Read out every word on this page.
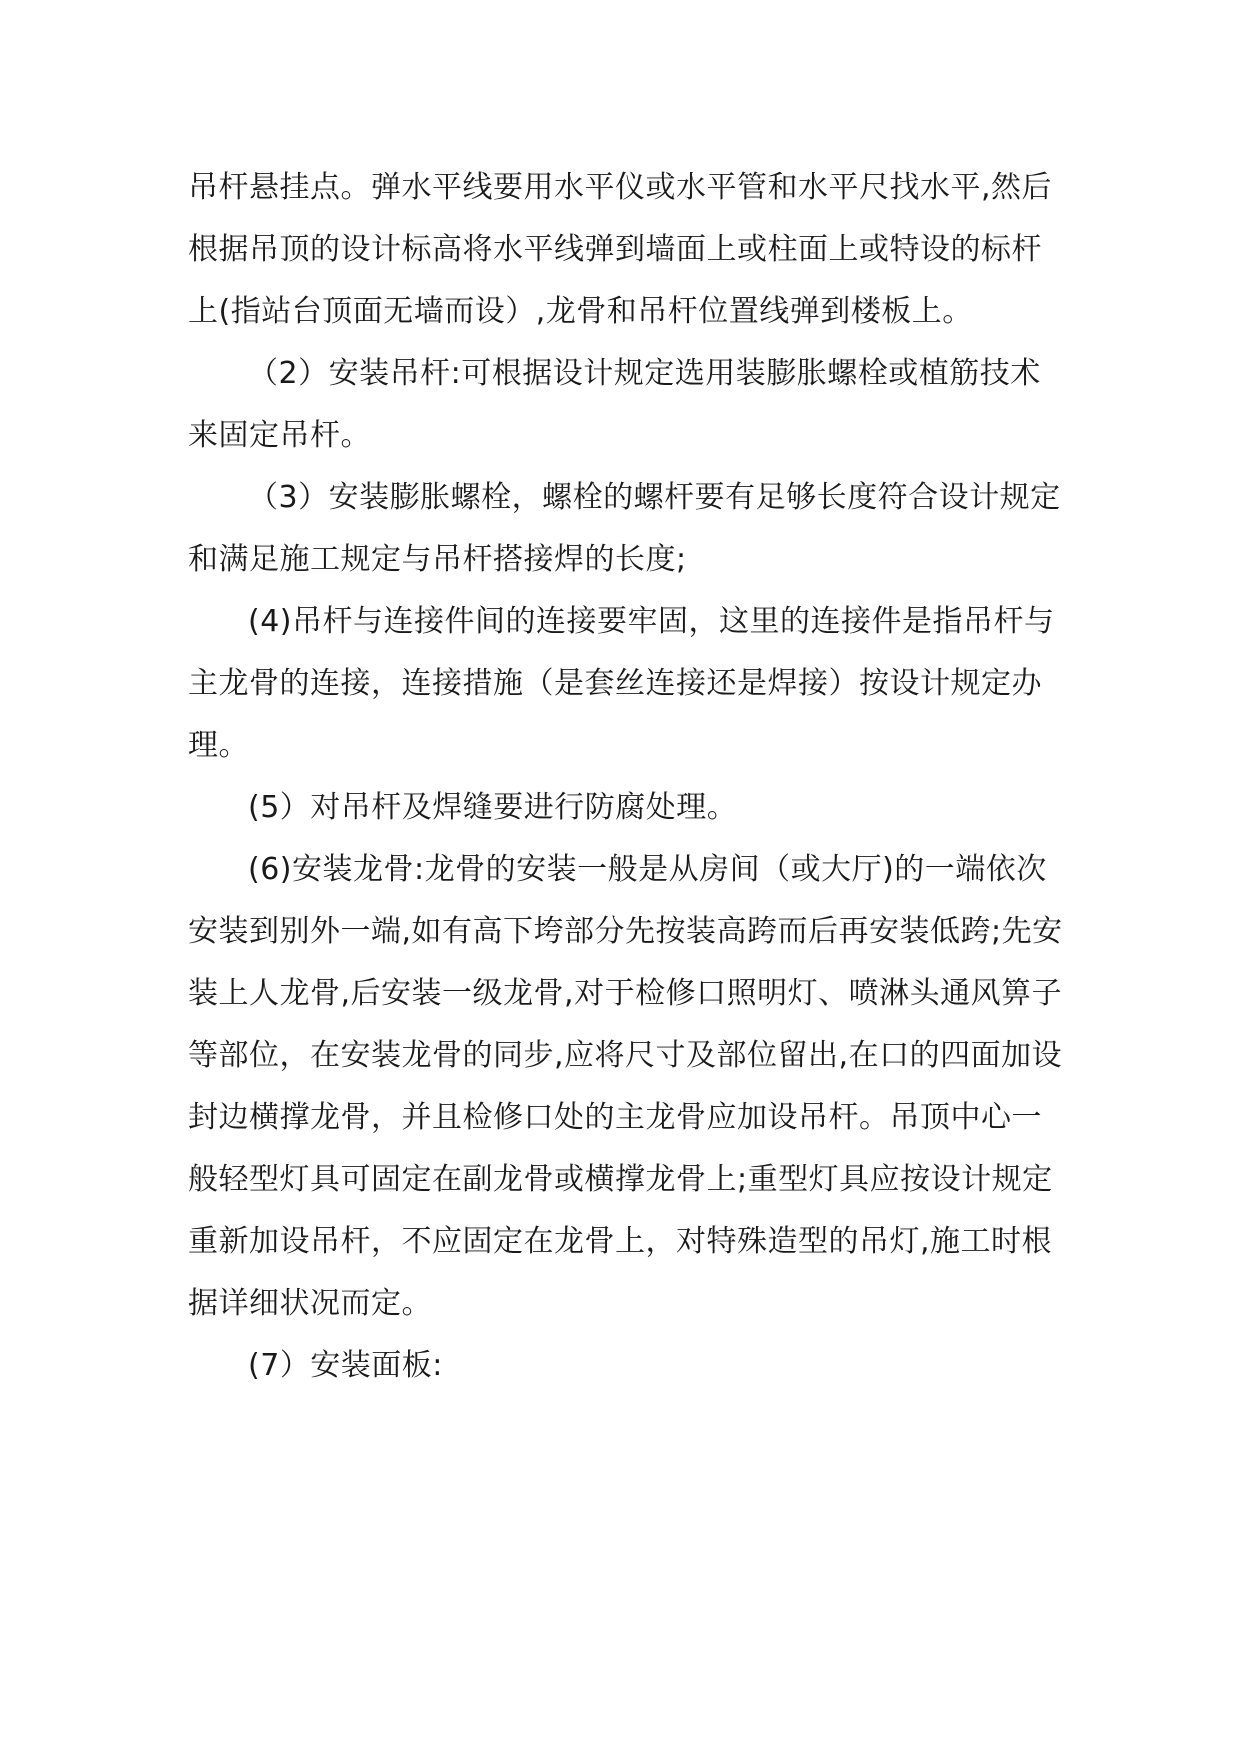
吊杆悬挂点。弹水平线要用水平仪或水平管和水平尺找水平,然后
根据吊顶的设计标高将水平线弹到墙面上或柱面上或特设的标杆
上(指站台顶面无墙而设）,龙骨和吊杆位置线弹到楼板上。
（2）安装吊杆:可根据设计规定选用装膨胀螺栓或植筋技术
来固定吊杆。
（3）安装膨胀螺栓，螺栓的螺杆要有足够长度符合设计规定
和满足施工规定与吊杆搭接焊的长度;
(4)吊杆与连接件间的连接要牢固，这里的连接件是指吊杆与
主龙骨的连接，连接措施（是套丝连接还是焊接）按设计规定办
理。
(5）对吊杆及焊缝要进行防腐处理。
(6)安装龙骨:龙骨的安装一般是从房间（或大厅)的一端依次
安装到别外一端,如有高下垮部分先按装高跨而后再安装低跨;先安
装上人龙骨,后安装一级龙骨,对于检修口照明灯、喷淋头通风箅子
等部位，在安装龙骨的同步,应将尺寸及部位留出,在口的四面加设
封边横撑龙骨，并且检修口处的主龙骨应加设吊杆。吊顶中心一
般轻型灯具可固定在副龙骨或横撑龙骨上;重型灯具应按设计规定
重新加设吊杆，不应固定在龙骨上，对特殊造型的吊灯,施工时根
据详细状况而定。
(7）安装面板:
